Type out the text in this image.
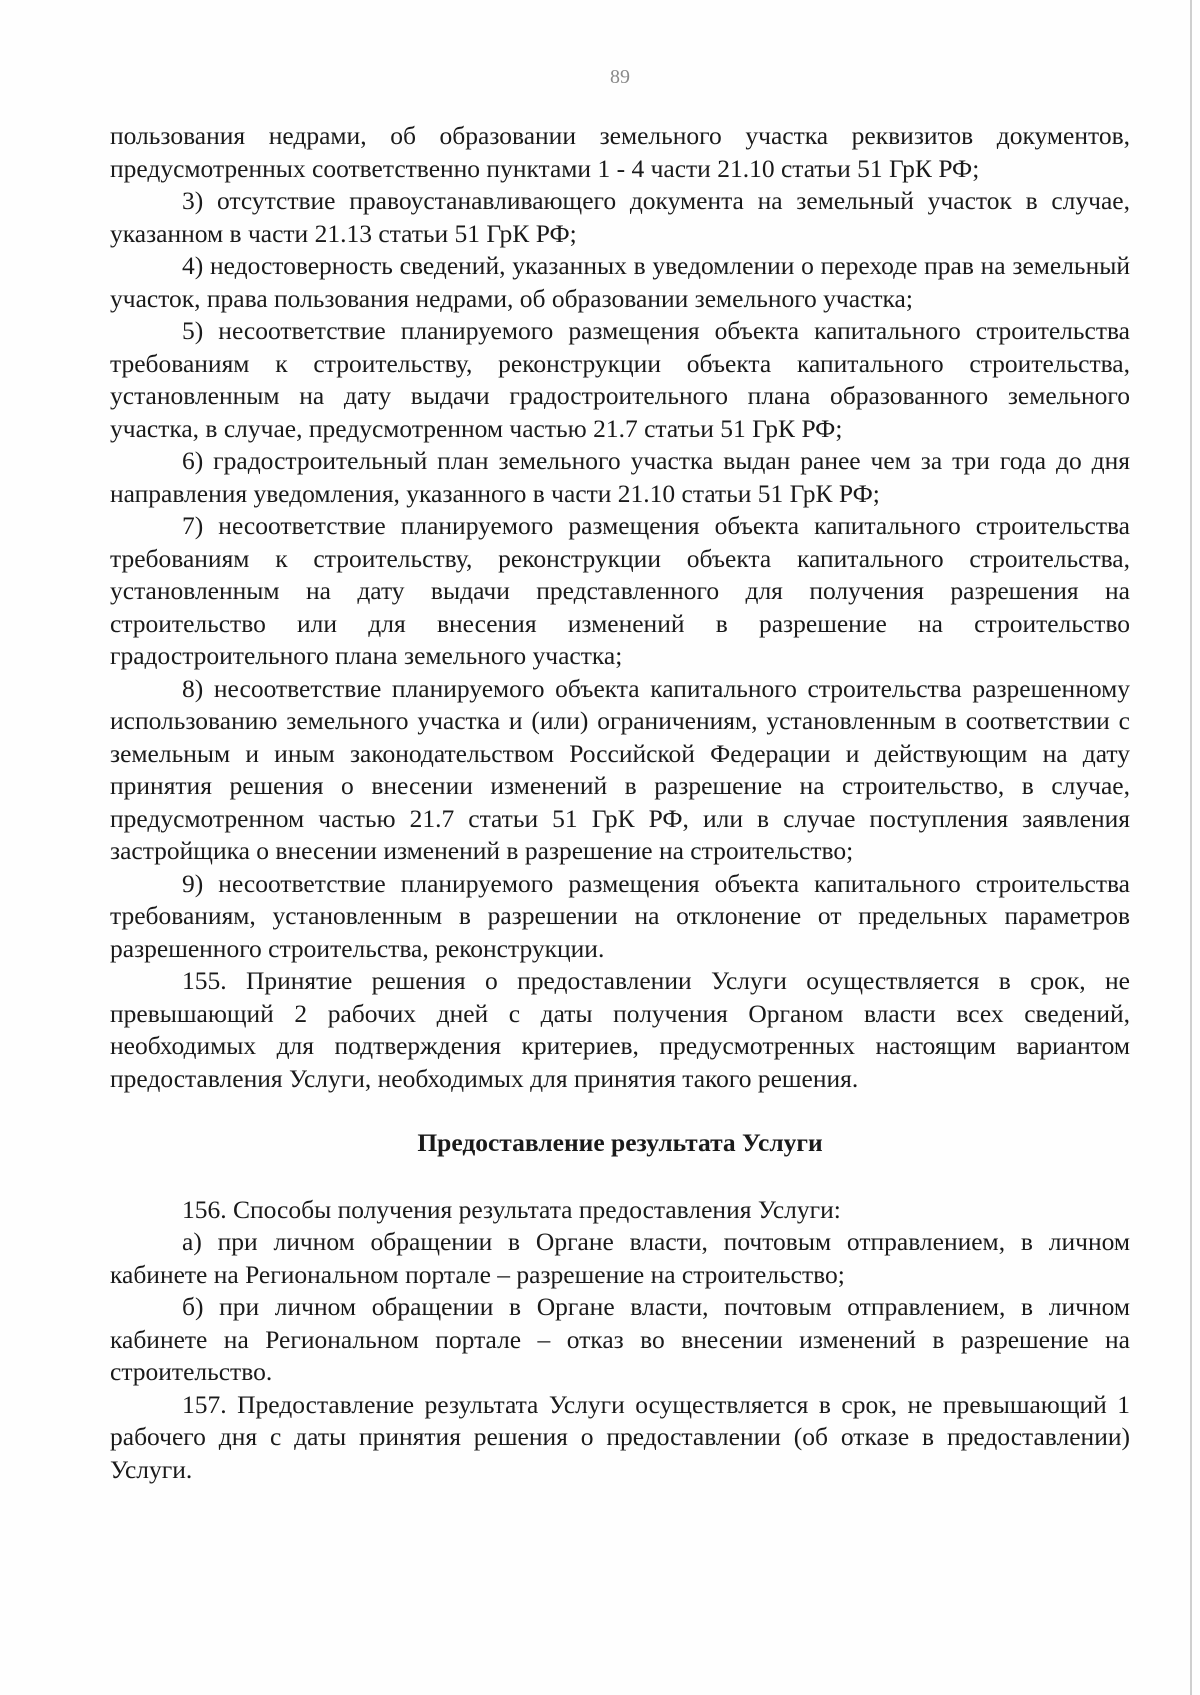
89

пользования недрами, об образовании земельного участка реквизитов документов, предусмотренных соответственно пунктами 1 - 4 части 21.10 статьи 51 ГрК РФ;

3) отсутствие правоустанавливающего документа на земельный участок в случае, указанном в части 21.13 статьи 51 ГрК РФ;

4) недостоверность сведений, указанных в уведомлении о переходе прав на земельный участок, права пользования недрами, об образовании земельного участка;

5) несоответствие планируемого размещения объекта капитального строительства требованиям к строительству, реконструкции объекта капитального строительства, установленным на дату выдачи градостроительного плана образованного земельного участка, в случае, предусмотренном частью 21.7 статьи 51 ГрК РФ;

6) градостроительный план земельного участка выдан ранее чем за три года до дня направления уведомления, указанного в части 21.10 статьи 51 ГрК РФ;

7) несоответствие планируемого размещения объекта капитального строительства требованиям к строительству, реконструкции объекта капитального строительства, установленным на дату выдачи представленного для получения разрешения на строительство или для внесения изменений в разрешение на строительство градостроительного плана земельного участка;

8) несоответствие планируемого объекта капитального строительства разрешенному использованию земельного участка и (или) ограничениям, установленным в соответствии с земельным и иным законодательством Российской Федерации и действующим на дату принятия решения о внесении изменений в разрешение на строительство, в случае, предусмотренном частью 21.7 статьи 51 ГрК РФ, или в случае поступления заявления застройщика о внесении изменений в разрешение на строительство;

9) несоответствие планируемого размещения объекта капитального строительства требованиям, установленным в разрешении на отклонение от предельных параметров разрешенного строительства, реконструкции.

155. Принятие решения о предоставлении Услуги осуществляется в срок, не превышающий 2 рабочих дней с даты получения Органом власти всех сведений, необходимых для подтверждения критериев, предусмотренных настоящим вариантом предоставления Услуги, необходимых для принятия такого решения.

Предоставление результата Услуги

156. Способы получения результата предоставления Услуги:

а) при личном обращении в Органе власти, почтовым отправлением, в личном кабинете на Региональном портале – разрешение на строительство;

б) при личном обращении в Органе власти, почтовым отправлением, в личном кабинете на Региональном портале – отказ во внесении изменений в разрешение на строительство.

157. Предоставление результата Услуги осуществляется в срок, не превышающий 1 рабочего дня с даты принятия решения о предоставлении (об отказе в предоставлении) Услуги.
